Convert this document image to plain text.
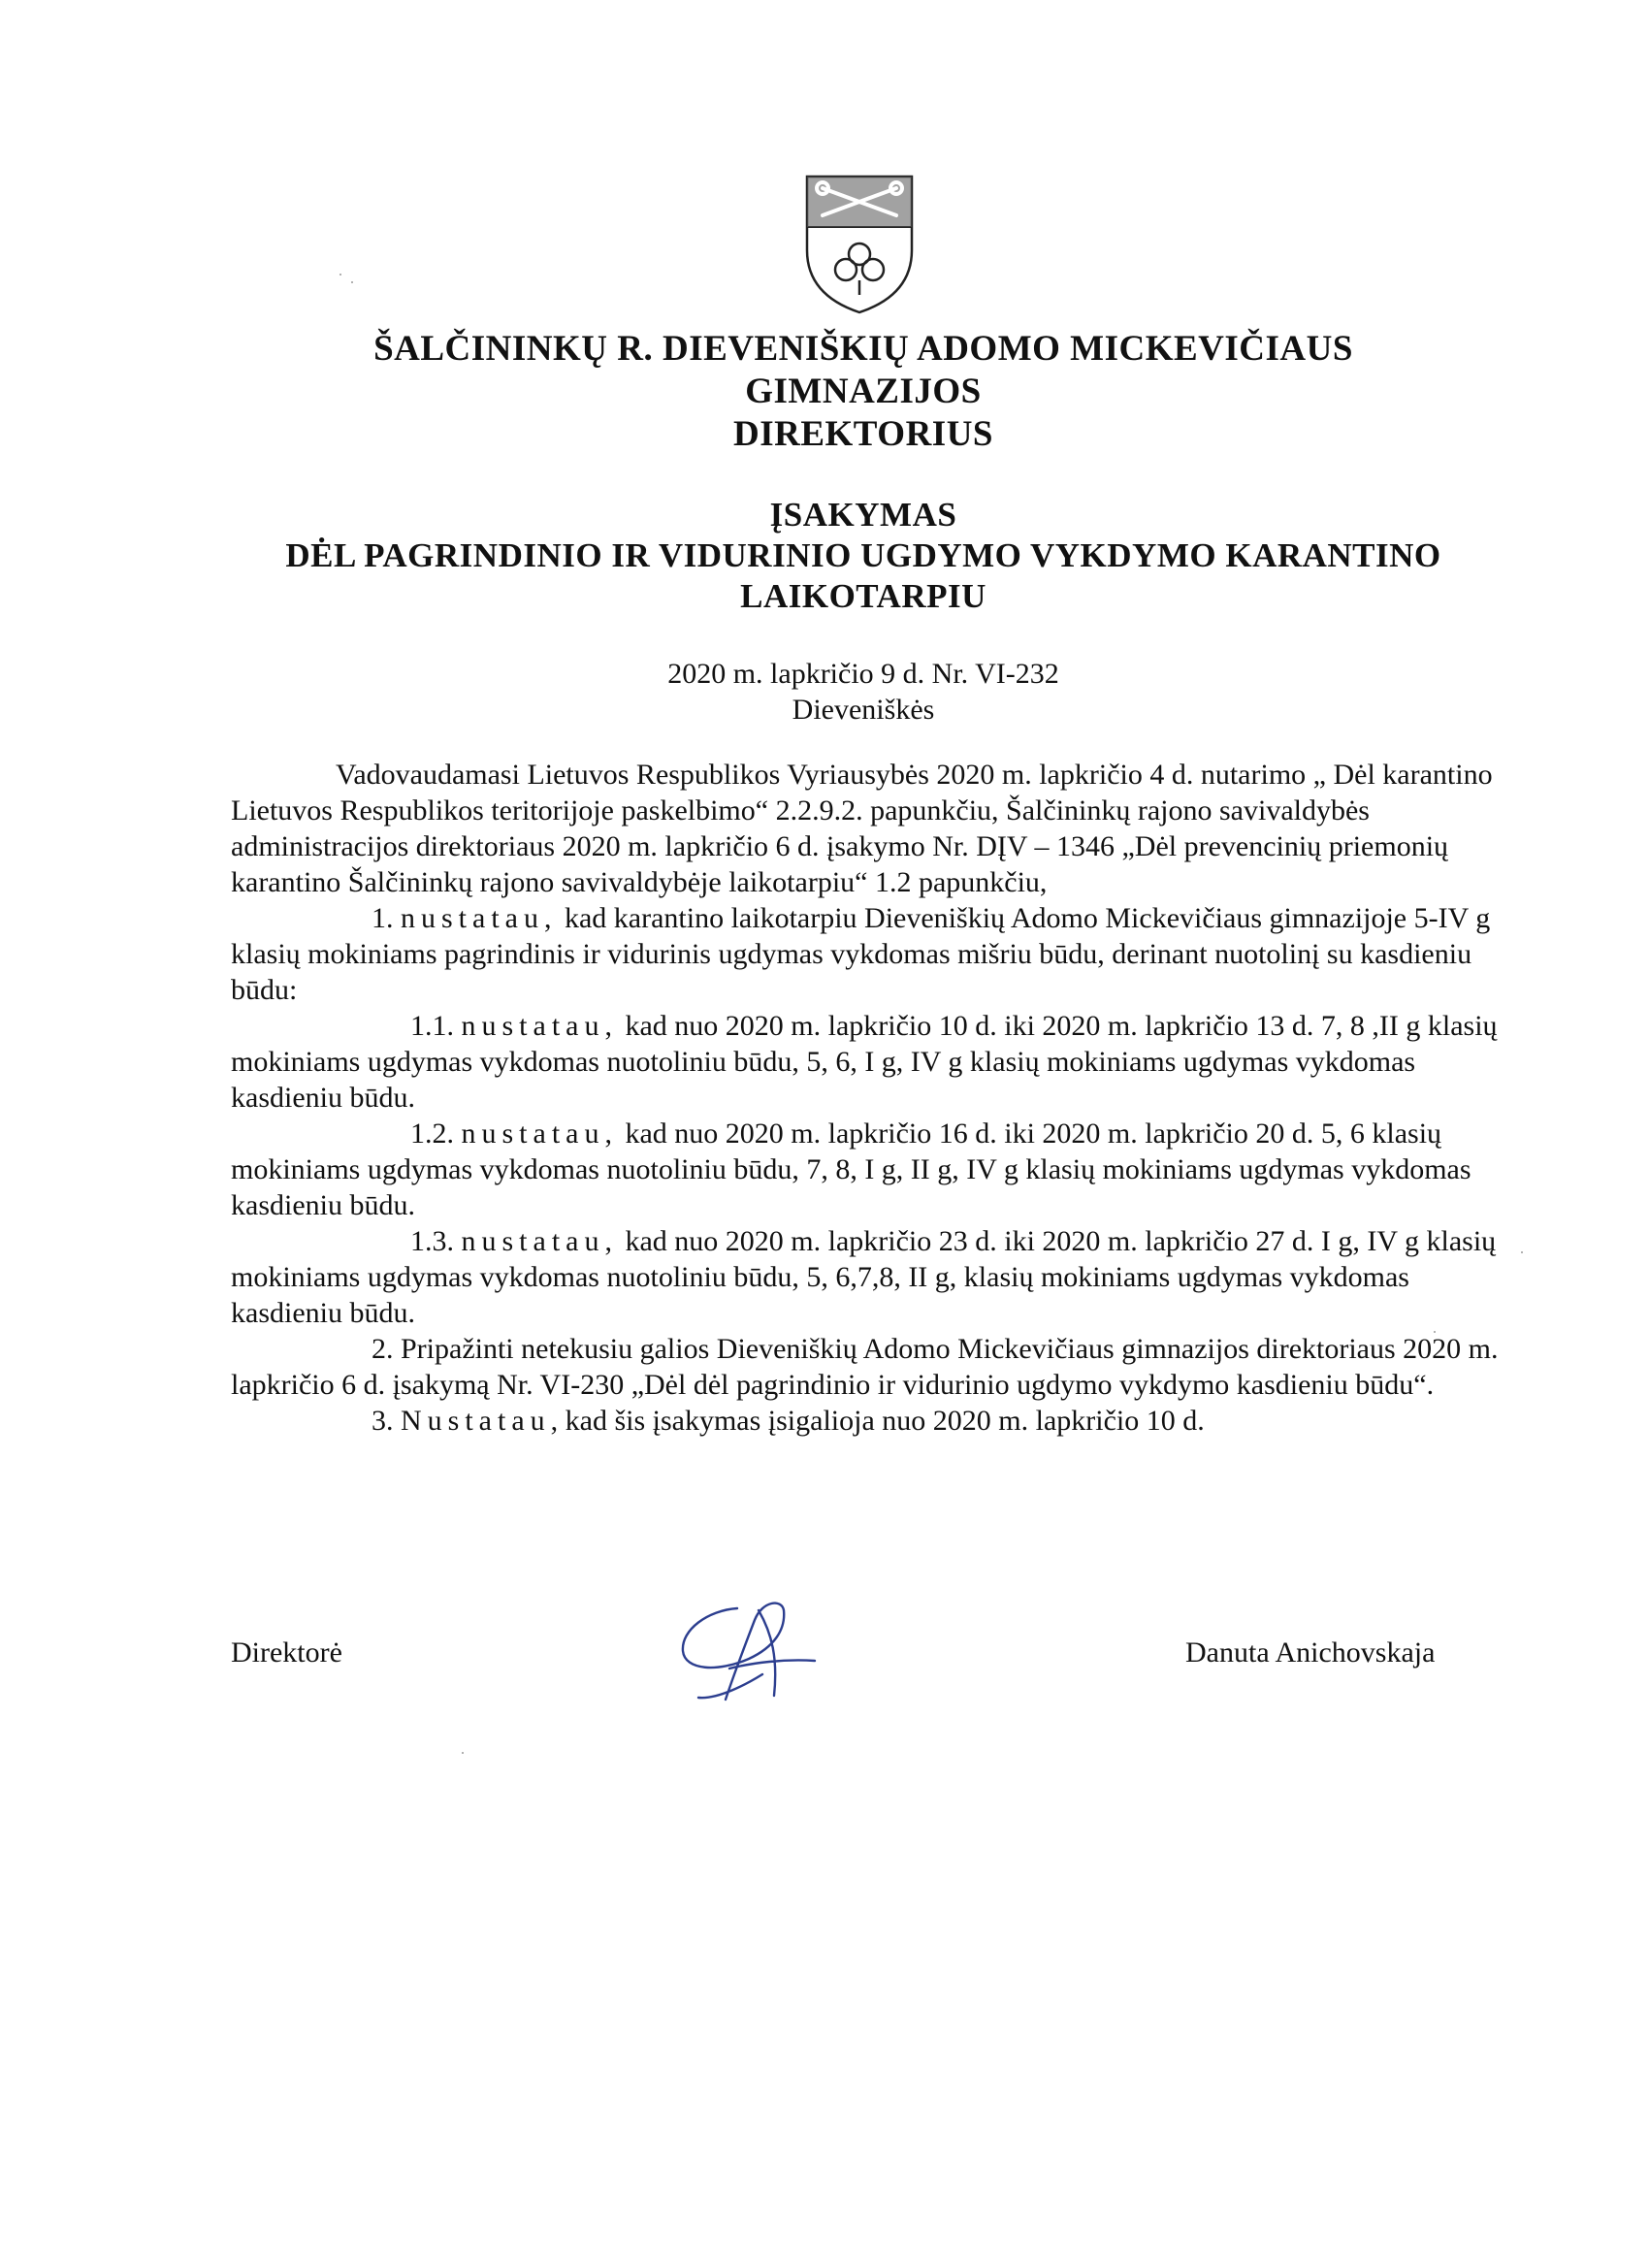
ŠALČININKŲ R. DIEVENIŠKIŲ ADOMO MICKEVIČIAUS
GIMNAZIJOS
DIREKTORIUS
ĮSAKYMAS
DĖL PAGRINDINIO IR VIDURINIO UGDYMO VYKDYMO KARANTINO
LAIKOTARPIU
2020 m. lapkričio 9 d. Nr. VI-232
Dieveniškės

Vadovaudamasi Lietuvos Respublikos Vyriausybės 2020 m. lapkričio 4 d. nutarimo „ Dėl karantino Lietuvos Respublikos teritorijoje paskelbimo“ 2.2.9.2. papunkčiu, Šalčininkų rajono savivaldybės administracijos direktoriaus 2020 m. lapkričio 6 d. įsakymo Nr. DĮV – 1346 „Dėl prevencinių priemonių karantino Šalčininkų rajono savivaldybėje laikotarpiu“ 1.2 papunkčiu,

1. nustatau, kad karantino laikotarpiu Dieveniškių Adomo Mickevičiaus gimnazijoje 5-IV g klasių mokiniams pagrindinis ir vidurinis ugdymas vykdomas mišriu būdu, derinant nuotolinį su kasdieniu būdu:

1.1. nustatau, kad nuo 2020 m. lapkričio 10 d. iki 2020 m. lapkričio 13 d. 7, 8 ,II g klasių mokiniams ugdymas vykdomas nuotoliniu būdu, 5, 6, I g, IV g klasių mokiniams ugdymas vykdomas kasdieniu būdu.

1.2. nustatau, kad nuo 2020 m. lapkričio 16 d. iki 2020 m. lapkričio 20 d. 5, 6 klasių mokiniams ugdymas vykdomas nuotoliniu būdu, 7, 8, I g, II g, IV g klasių mokiniams ugdymas vykdomas kasdieniu būdu.

1.3. nustatau, kad nuo 2020 m. lapkričio 23 d. iki 2020 m. lapkričio 27 d. I g, IV g klasių mokiniams ugdymas vykdomas nuotoliniu būdu, 5, 6,7,8, II g, klasių mokiniams ugdymas vykdomas kasdieniu būdu.

2. Pripažinti netekusiu galios Dieveniškių Adomo Mickevičiaus gimnazijos direktoriaus 2020 m. lapkričio 6 d. įsakymą Nr. VI-230 „Dėl dėl pagrindinio ir vidurinio ugdymo vykdymo kasdieniu būdu“.

3. Nustatau, kad šis įsakymas įsigalioja nuo 2020 m. lapkričio 10 d.

Direktorė	Danuta Anichovskaja
